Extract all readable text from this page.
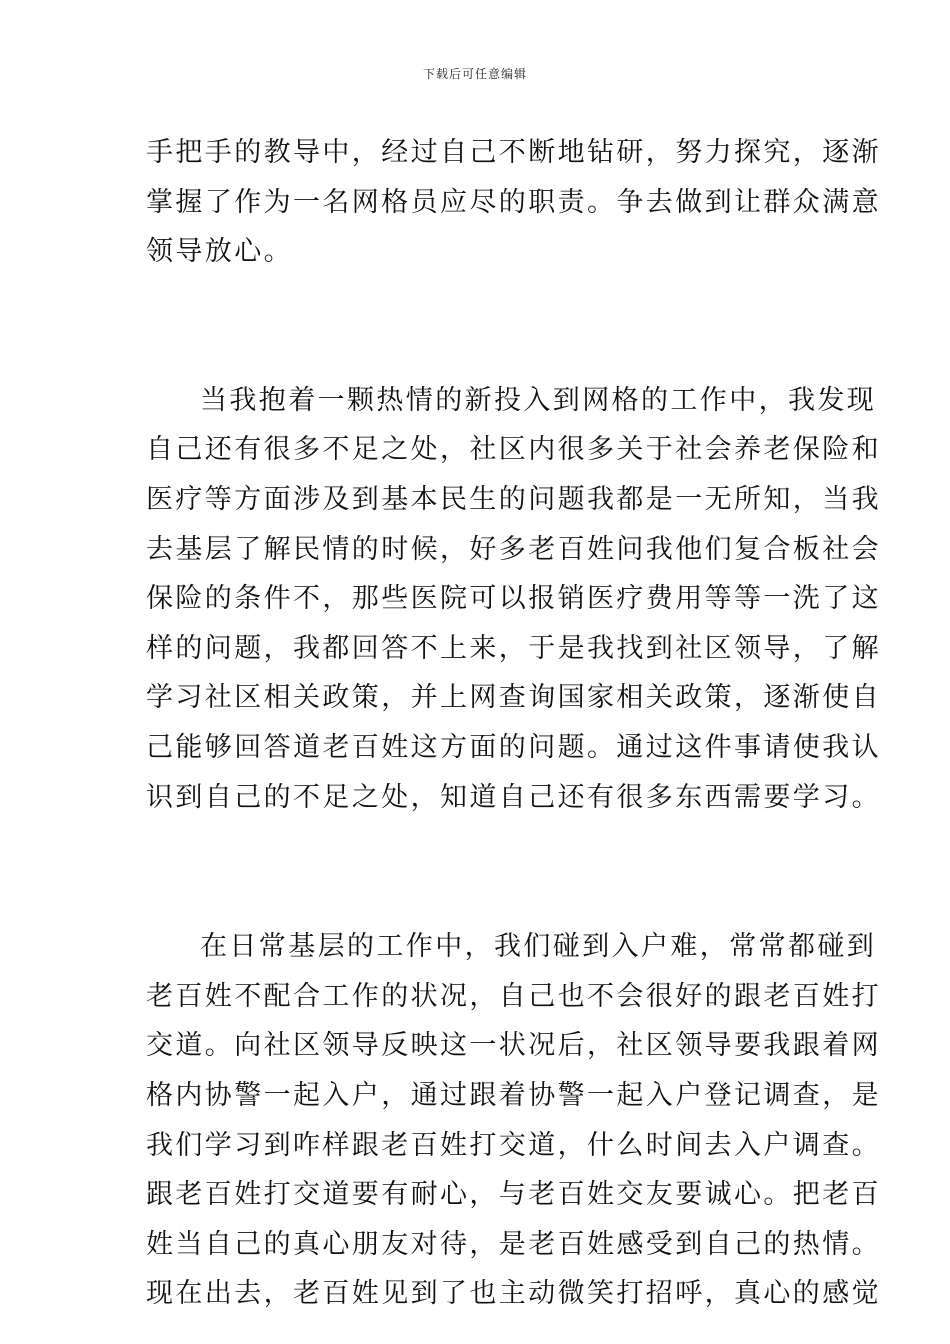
下载后可任意编辑

手把手的教导中，经过自己不断地钻研，努力探究，逐渐
掌握了作为一名网格员应尽的职责。争去做到让群众满意
领导放心。

当我抱着一颗热情的新投入到网格的工作中，我发现
自己还有很多不足之处，社区内很多关于社会养老保险和
医疗等方面涉及到基本民生的问题我都是一无所知，当我
去基层了解民情的时候，好多老百姓问我他们复合板社会
保险的条件不，那些医院可以报销医疗费用等等一洗了这
样的问题，我都回答不上来，于是我找到社区领导，了解
学习社区相关政策，并上网查询国家相关政策，逐渐使自
己能够回答道老百姓这方面的问题。通过这件事请使我认
识到自己的不足之处，知道自己还有很多东西需要学习。

在日常基层的工作中，我们碰到入户难，常常都碰到
老百姓不配合工作的状况，自己也不会很好的跟老百姓打
交道。向社区领导反映这一状况后，社区领导要我跟着网
格内协警一起入户，通过跟着协警一起入户登记调查，是
我们学习到咋样跟老百姓打交道，什么时间去入户调查。
跟老百姓打交道要有耐心，与老百姓交友要诚心。把老百
姓当自己的真心朋友对待，是老百姓感受到自己的热情。
现在出去，老百姓见到了也主动微笑打招呼，真心的感觉
